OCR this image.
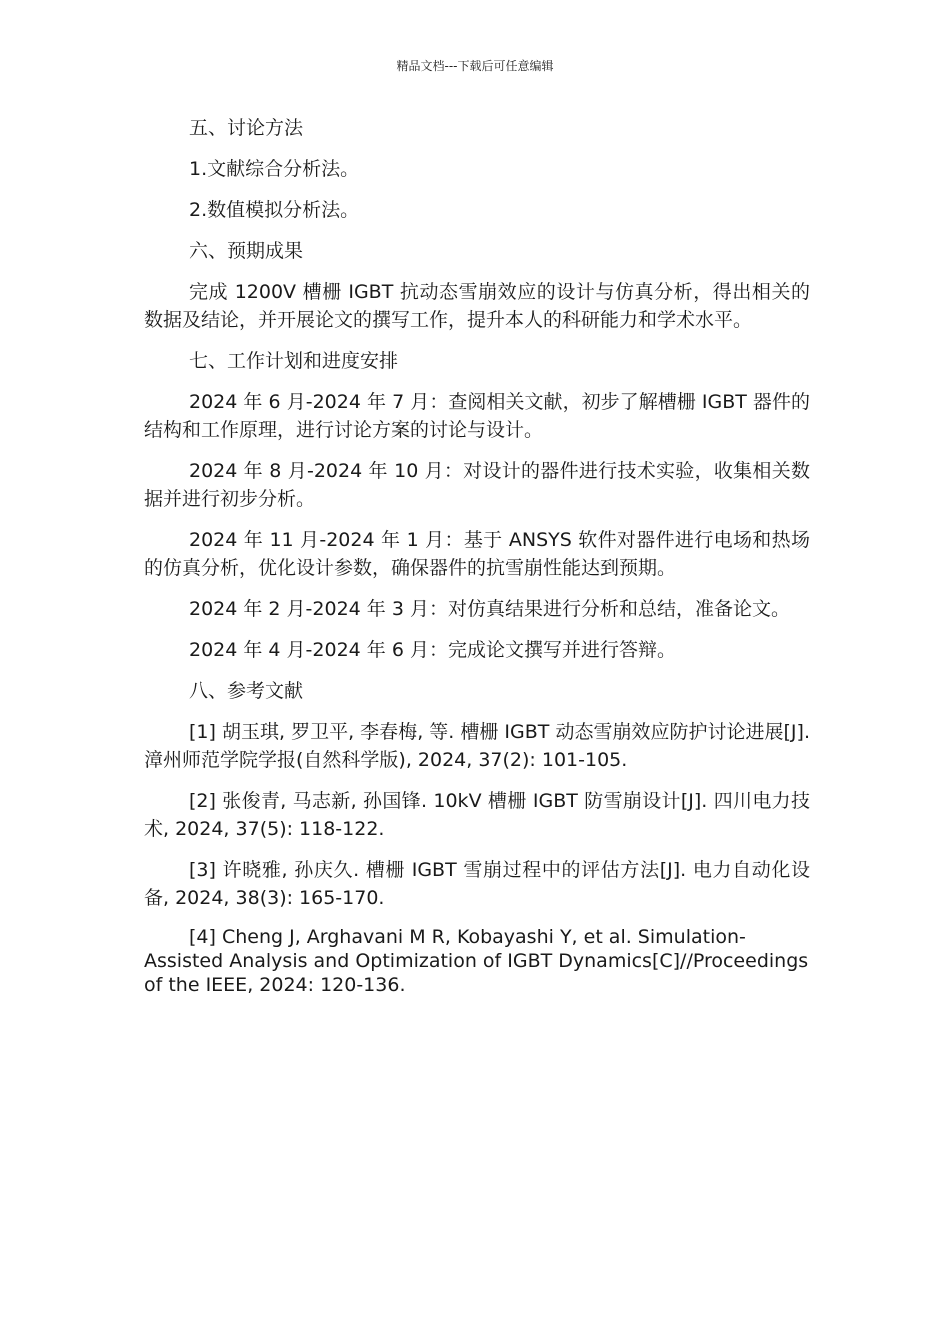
精品文档---下载后可任意编辑

五、讨论方法

1.文献综合分析法。

2.数值模拟分析法。

六、预期成果

完成 1200V 槽栅 IGBT 抗动态雪崩效应的设计与仿真分析，得出相关的数据及结论，并开展论文的撰写工作，提升本人的科研能力和学术水平。

七、工作计划和进度安排

2024 年 6 月-2024 年 7 月：查阅相关文献，初步了解槽栅 IGBT 器件的结构和工作原理，进行讨论方案的讨论与设计。

2024 年 8 月-2024 年 10 月：对设计的器件进行技术实验，收集相关数据并进行初步分析。

2024 年 11 月-2024 年 1 月：基于 ANSYS 软件对器件进行电场和热场的仿真分析，优化设计参数，确保器件的抗雪崩性能达到预期。

2024 年 2 月-2024 年 3 月：对仿真结果进行分析和总结，准备论文。

2024 年 4 月-2024 年 6 月：完成论文撰写并进行答辩。

八、参考文献

[1] 胡玉琪, 罗卫平, 李春梅, 等. 槽栅 IGBT 动态雪崩效应防护讨论进展[J]. 漳州师范学院学报(自然科学版), 2024, 37(2): 101-105.

[2] 张俊青, 马志新, 孙国锋. 10kV 槽栅 IGBT 防雪崩设计[J]. 四川电力技术, 2024, 37(5): 118-122.

[3] 许晓雅, 孙庆久. 槽栅 IGBT 雪崩过程中的评估方法[J]. 电力自动化设备, 2024, 38(3): 165-170.

[4] Cheng J, Arghavani M R, Kobayashi Y, et al. Simulation-Assisted Analysis and Optimization of IGBT Dynamics[C]//Proceedings of the IEEE, 2024: 120-136.
